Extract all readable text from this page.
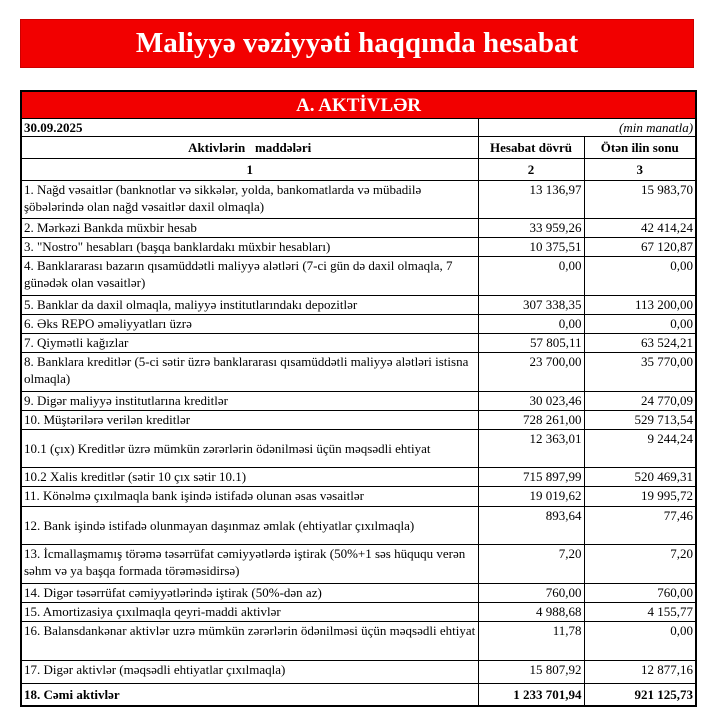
Maliyyə vəziyyəti haqqında hesabat
A. AKTİVLƏR		
30.09.2025	(min manatla)	
Aktivlərin   maddələri	Hesabat dövrü	Ötən ilin sonu
1	2	3
1. Nağd vəsaitlər (banknotlar və sikkələr, yolda, bankomatlarda və mübadilə şöbələrində olan nağd vəsaitlər daxil olmaqla)	13 136,97	15 983,70
2. Mərkəzi Bankda müxbir hesab	33 959,26	42 414,24
3. "Nostro" hesabları (başqa banklardakı müxbir hesabları)	10 375,51	67 120,87
4. Banklararası bazarın qısamüddətli maliyyə alətləri (7-ci gün də daxil olmaqla, 7 günədək olan vəsaitlər)	0,00	0,00
5. Banklar da daxil olmaqla, maliyyə institutlarındakı depozitlər	307 338,35	113 200,00
6. Əks REPO əməliyyatları üzrə	0,00	0,00
7. Qiymətli kağızlar	57 805,11	63 524,21
8. Banklara kreditlər (5-ci sətir üzrə banklararası qısamüddətli maliyyə alətləri istisna olmaqla)	23 700,00	35 770,00
9. Digər maliyyə institutlarına kreditlər	30 023,46	24 770,09
10. Müştərilərə verilən kreditlər	728 261,00	529 713,54
10.1 (çıx) Kreditlər üzrə mümkün zərərlərin ödənilməsi üçün məqsədli ehtiyat	12 363,01	9 244,24
10.2 Xalis kreditlər (sətir 10 çıx sətir 10.1)	715 897,99	520 469,31
11. Könəlmə çıxılmaqla bank işində istifadə olunan əsas vəsaitlər	19 019,62	19 995,72
12. Bank işində istifadə olunmayan daşınmaz əmlak (ehtiyatlar çıxılmaqla)	893,64	77,46
13. İcmallaşmamış törəmə təsərrüfat cəmiyyətlərdə iştirak (50%+1 səs hüququ verən səhm və ya başqa formada törəməsidirsə)	7,20	7,20
14. Digər təsərrüfat cəmiyyətlərində iştirak (50%-dən az)	760,00	760,00
15. Amortizasiya çıxılmaqla qeyri-maddi aktivlər	4 988,68	4 155,77
16. Balansdankənar aktivlər uzrə mümkün zərərlərin ödənilməsi üçün məqsədli ehtiyat	11,78	0,00
17. Digər aktivlər (məqsədli ehtiyatlar çıxılmaqla)	15 807,92	12 877,16
18. Cəmi aktivlər	1 233 701,94	921 125,73
